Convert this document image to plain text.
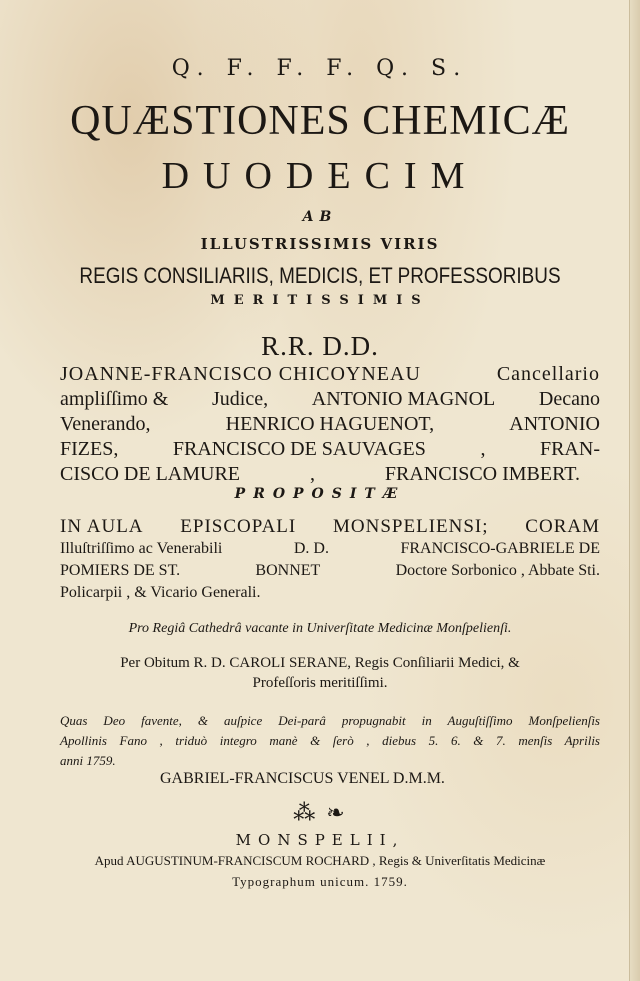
Q. F. F. F. Q. S.
QUÆSTIONES CHEMICÆ
DUODECIM
AB
ILLUSTRISSIMIS VIRIS
REGIS CONSILIARIIS, MEDICIS, ET PROFESSORIBUS
MERITISSIMIS
R.R. D.D.
JOANNE-FRANCISCO CHICOYNEAU	Cancellario
ampliſſimo & Judice, ANTONIO MAGNOL Decano
Venerando,	HENRICO HAGUENOT,	ANTONIO
FIZES,	FRANCISCO DE SAUVAGES	,	FRAN-
CISCO DE LAMURE	,	FRANCISCO IMBERT.
PROPOSITÆ
IN AULA EPISCOPALI MONSPELIENSI; CORAM
Illuſtriſſimo ac Venerabili	D. D.	FRANCISCO-GABRIELE DE
POMIERS DE ST.	BONNET	Doctore Sorbonico , Abbate Sti.
Policarpii , & Vicario Generali.
Pro Regiâ Cathedrâ vacante in Univerſitate Medicinæ Monſpelienſi.
Per Obitum R. D. CAROLI SERANE, Regis Conſiliarii Medici, &
Profeſſoris meritiſſimi.
Quas Deo favente, & auſpice Dei-parâ propugnabit in Auguſtiſſimo Monſpelienſis
Apollinis Fano , triduò integro manè & ſerò , diebus 5. 6. & 7. menſis Aprilis
anni 1759.
GABRIEL-FRANCISCUS VENEL D.M.M.
⁂ ❧
MONSPELII,
Apud AUGUSTINUM-FRANCISCUM ROCHARD , Regis & Univerſitatis Medicinæ
Typographum unicum. 1759.
